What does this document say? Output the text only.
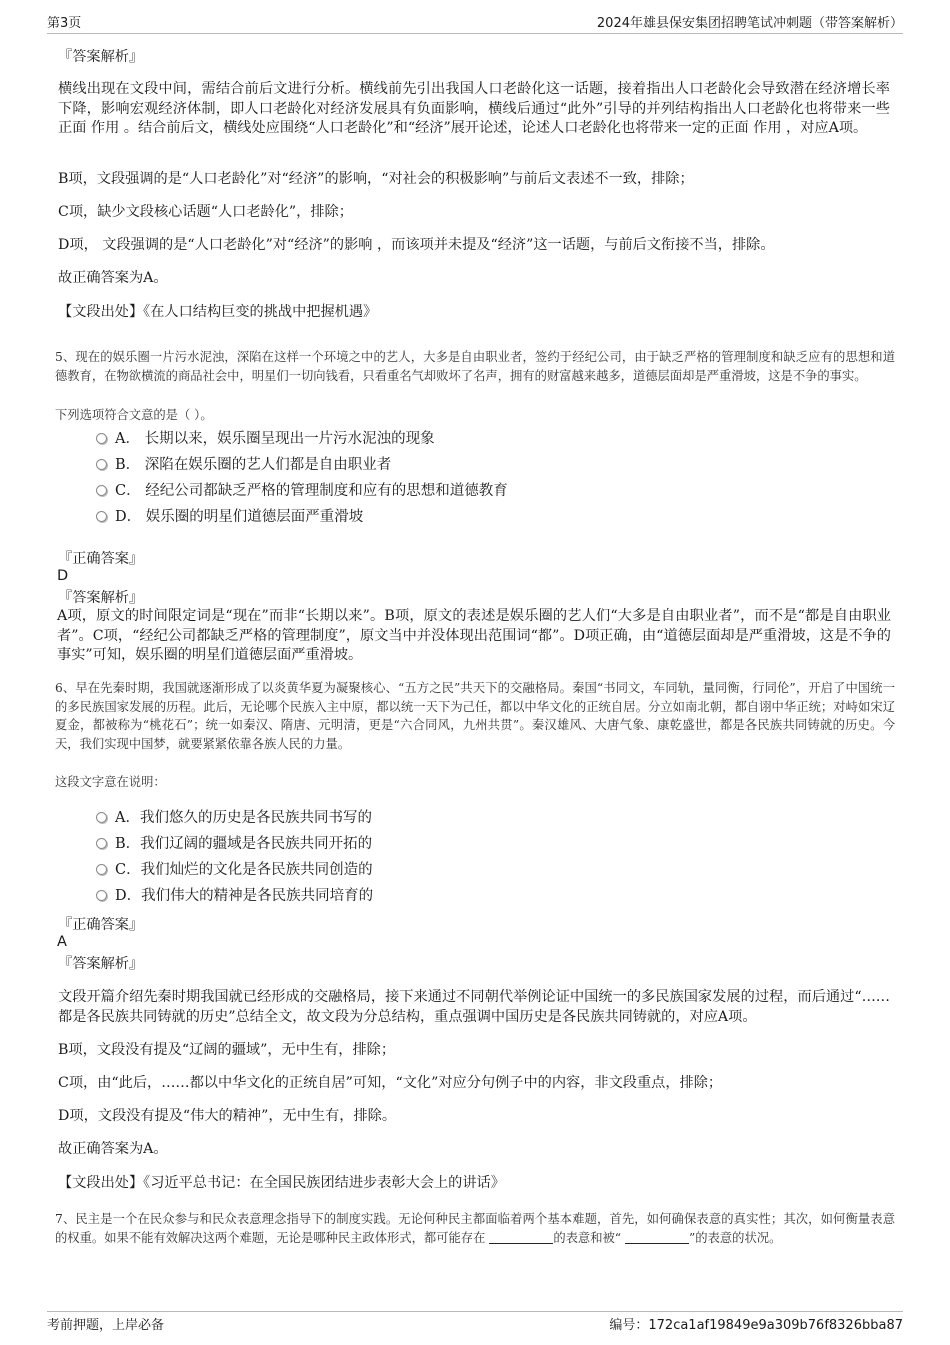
第3页	2024年雄县保安集团招聘笔试冲刺题（带答案解析）
『答案解析』

横线出现在文段中间，需结合前后文进行分析。横线前先引出我国人口老龄化这一话题，接着指出人口老龄化会导致潜在经济增长率下降，影响宏观经济体制，即人口老龄化对经济发展具有负面影响，横线后通过“此外”引导的并列结构指出人口老龄化也将带来一些正面 作用 。结合前后文，横线处应围绕“人口老龄化”和“经济”展开论述，论述人口老龄化也将带来一定的正面 作用 ，对应A项。

B项，文段强调的是“人口老龄化”对“经济”的影响，“对社会的积极影响”与前后文表述不一致，排除；

C项，缺少文段核心话题“人口老龄化”，排除；

D项， 文段强调的是“人口老龄化”对“经济”的影响 ，而该项并未提及“经济”这一话题，与前后文衔接不当，排除。

故正确答案为A。

【文段出处】《在人口结构巨变的挑战中把握机遇》

5、现在的娱乐圈一片污水泥浊，深陷在这样一个环境之中的艺人，大多是自由职业者，签约于经纪公司，由于缺乏严格的管理制度和缺乏应有的思想和道德教育，在物欲横流的商品社会中，明星们一切向钱看，只看重名气却败坏了名声，拥有的财富越来越多，道德层面却是严重滑坡，这是不争的事实。

下列选项符合文意的是（ ）。

A． 长期以来，娱乐圈呈现出一片污水泥浊的现象
B． 深陷在娱乐圈的艺人们都是自由职业者
C． 经纪公司都缺乏严格的管理制度和应有的思想和道德教育
D． 娱乐圈的明星们道德层面严重滑坡
『正确答案』
D
『答案解析』

A项，原文的时间限定词是“现在”而非“长期以来”。B项，原文的表述是娱乐圈的艺人们“大多是自由职业者”，而不是“都是自由职业者”。C项，“经纪公司都缺乏严格的管理制度”，原文当中并没体现出范围词“都”。D项正确，由“道德层面却是严重滑坡，这是不争的事实”可知，娱乐圈的明星们道德层面严重滑坡。

6、早在先秦时期，我国就逐渐形成了以炎黄华夏为凝聚核心、“五方之民”共天下的交融格局。秦国“书同文，车同轨，量同衡，行同伦”，开启了中国统一的多民族国家发展的历程。此后，无论哪个民族入主中原，都以统一天下为己任，都以中华文化的正统自居。分立如南北朝，都自诩中华正统；对峙如宋辽夏金，都被称为“桃花石”；统一如秦汉、隋唐、元明清，更是“六合同风，九州共贯”。秦汉雄风、大唐气象、康乾盛世，都是各民族共同铸就的历史。今天，我们实现中国梦，就要紧紧依靠各族人民的力量。

这段文字意在说明：

A．我们悠久的历史是各民族共同书写的
B．我们辽阔的疆域是各民族共同开拓的
C．我们灿烂的文化是各民族共同创造的
D．我们伟大的精神是各民族共同培育的
『正确答案』
A
『答案解析』

文段开篇介绍先秦时期我国就已经形成的交融格局，接下来通过不同朝代举例论证中国统一的多民族国家发展的过程，而后通过“……都是各民族共同铸就的历史”总结全文，故文段为分总结构，重点强调中国历史是各民族共同铸就的，对应A项。

B项，文段没有提及“辽阔的疆域”，无中生有，排除；

C项，由“此后，……都以中华文化的正统自居”可知，“文化”对应分句例子中的内容，非文段重点，排除；

D项，文段没有提及“伟大的精神”，无中生有，排除。

故正确答案为A。

【文段出处】《习近平总书记：在全国民族团结进步表彰大会上的讲话》

7、民主是一个在民众参与和民众表意理念指导下的制度实践。无论何种民主都面临着两个基本难题，首先，如何确保表意的真实性；其次，如何衡量表意的权重。如果不能有效解决这两个难题，无论是哪种民主政体形式，都可能存在	的表意和被“	”的表意的状况。

考前押题，上岸必备	编号：172ca1af19849e9a309b76f8326bba87
